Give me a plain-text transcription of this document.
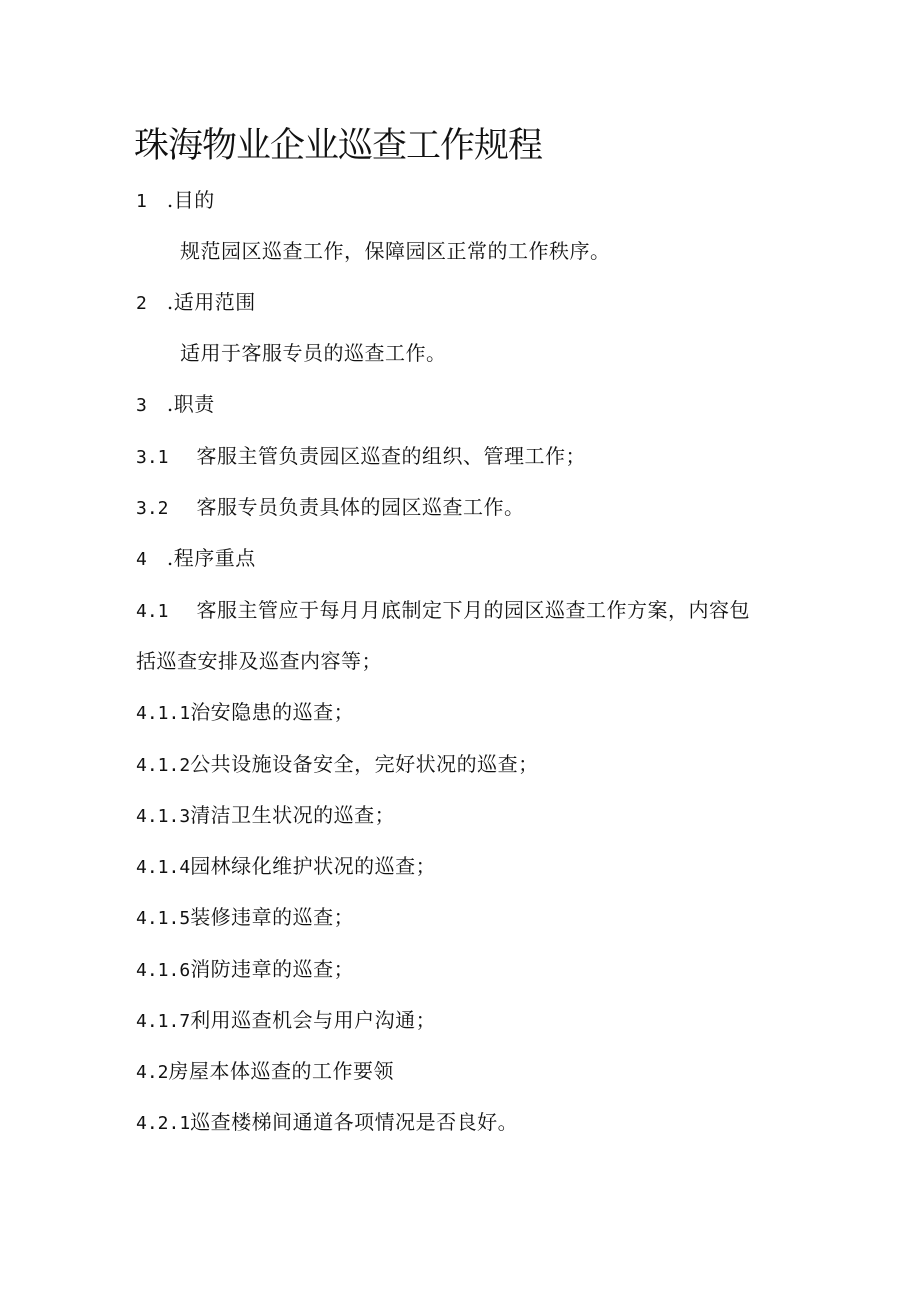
珠海物业企业巡查工作规程

1 .目的

规范园区巡查工作，保障园区正常的工作秩序。

2 .适用范围

适用于客服专员的巡查工作。

3 .职责

3.1 客服主管负责园区巡查的组织、管理工作；

3.2 客服专员负责具体的园区巡查工作。

4 .程序重点

4.1 客服主管应于每月月底制定下月的园区巡查工作方案，内容包

括巡查安排及巡查内容等；

4.1.1治安隐患的巡查；

4.1.2公共设施设备安全，完好状况的巡查；

4.1.3清洁卫生状况的巡查；

4.1.4园林绿化维护状况的巡查；

4.1.5装修违章的巡查；

4.1.6消防违章的巡查；

4.1.7利用巡查机会与用户沟通；

4.2房屋本体巡查的工作要领

4.2.1巡查楼梯间通道各项情况是否良好。
